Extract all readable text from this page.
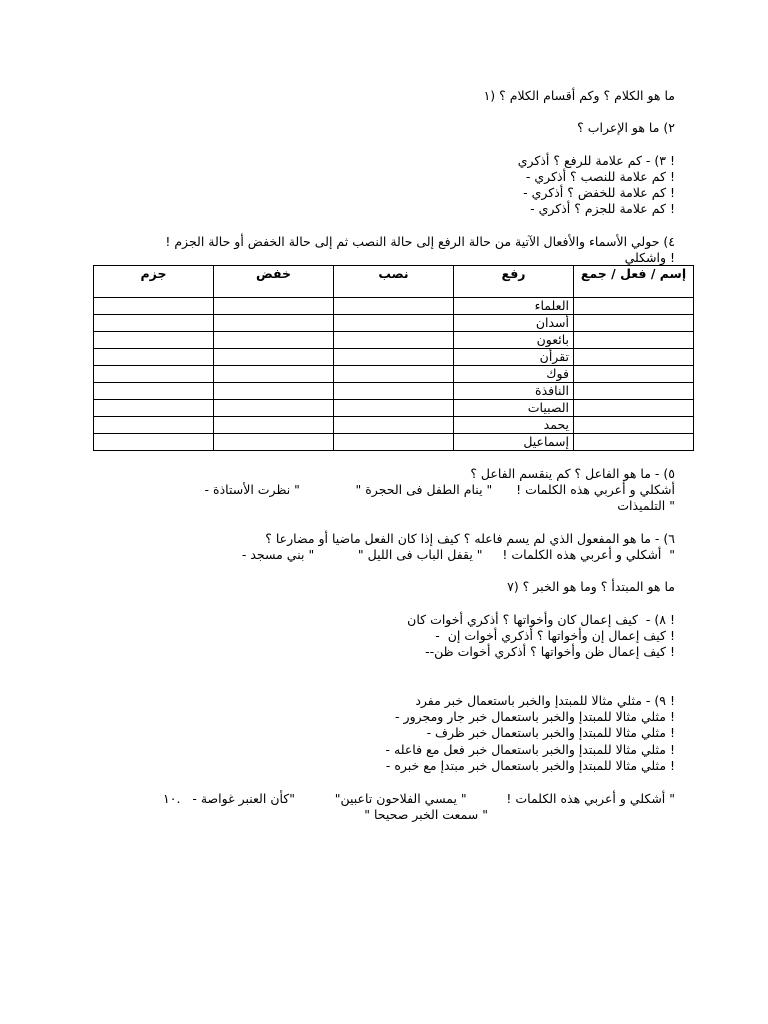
ما هو الكلام ؟ وكم أقسام الكلام ؟ (١
٢) ما هو الإعراب ؟
! ٣) - كم علامة للرفع ؟ أذكري
! كم علامة للنصب ؟ أذكري -
! كم علامة للخفض ؟ أذكري -
! كم علامة للجزم ؟ أذكري -
٤) حولي الأسماء والأفعال الآتية من حالة الرفع إلى حالة النصب ثم إلى حالة الخفض أو حالة الجزم !
! واشكلي
إسم / فعل / جمع	رفع	نصب	خفض	جزم
	العلماء			
	أسدان			
	بائعون			
	تقرأن			
	فوك			
	النافذة			
	الصبيات			
	يحمد			
	إسماعيل			
٥) - ما هو الفاعل ؟ كم ينقسم الفاعل ؟
أشكلي و أعربي هذه الكلمات !      " ينام الطفل فى الحجرة "              " نظرت الأستاذة -
" التلميذات
٦) - ما هو المفعول الذي لم يسم فاعله ؟ كيف إذا كان الفعل ماضيا أو مضارعا ؟
"  أشكلي و أعربي هذه الكلمات !     " يقفل الباب فى الليل "           " بني مسجد -
ما هو المبتدأ ؟ وما هو الخبر ؟ (٧
! ٨) -  كيف إعمال كان وأخواتها ؟ أذكري أخوات كان
! كيف إعمال إن وأخواتها ؟ أذكري أخوات إن  -
! كيف إعمال ظن وأخواتها ؟ أذكري أخوات ظن--
! ٩) - مثلي مثالا للمبتدإ والخبر باستعمال خبر مفرد
! مثلي مثالا للمبتدإ والخبر باستعمال خبر جار ومجرور -
! مثلي مثالا للمبتدإ والخبر باستعمال خبر ظرف -
! مثلي مثالا للمبتدإ والخبر باستعمال خبر فعل مع فاعله -
! مثلي مثالا للمبتدإ والخبر باستعمال خبر مبتدإ مع خبره -
" أشكلي و أعربي هذه الكلمات !          " يمسي الفلاحون تاعبين"          "كأن العنبر غواصة -   .١٠
" سمعت الخبر صحيحا "
